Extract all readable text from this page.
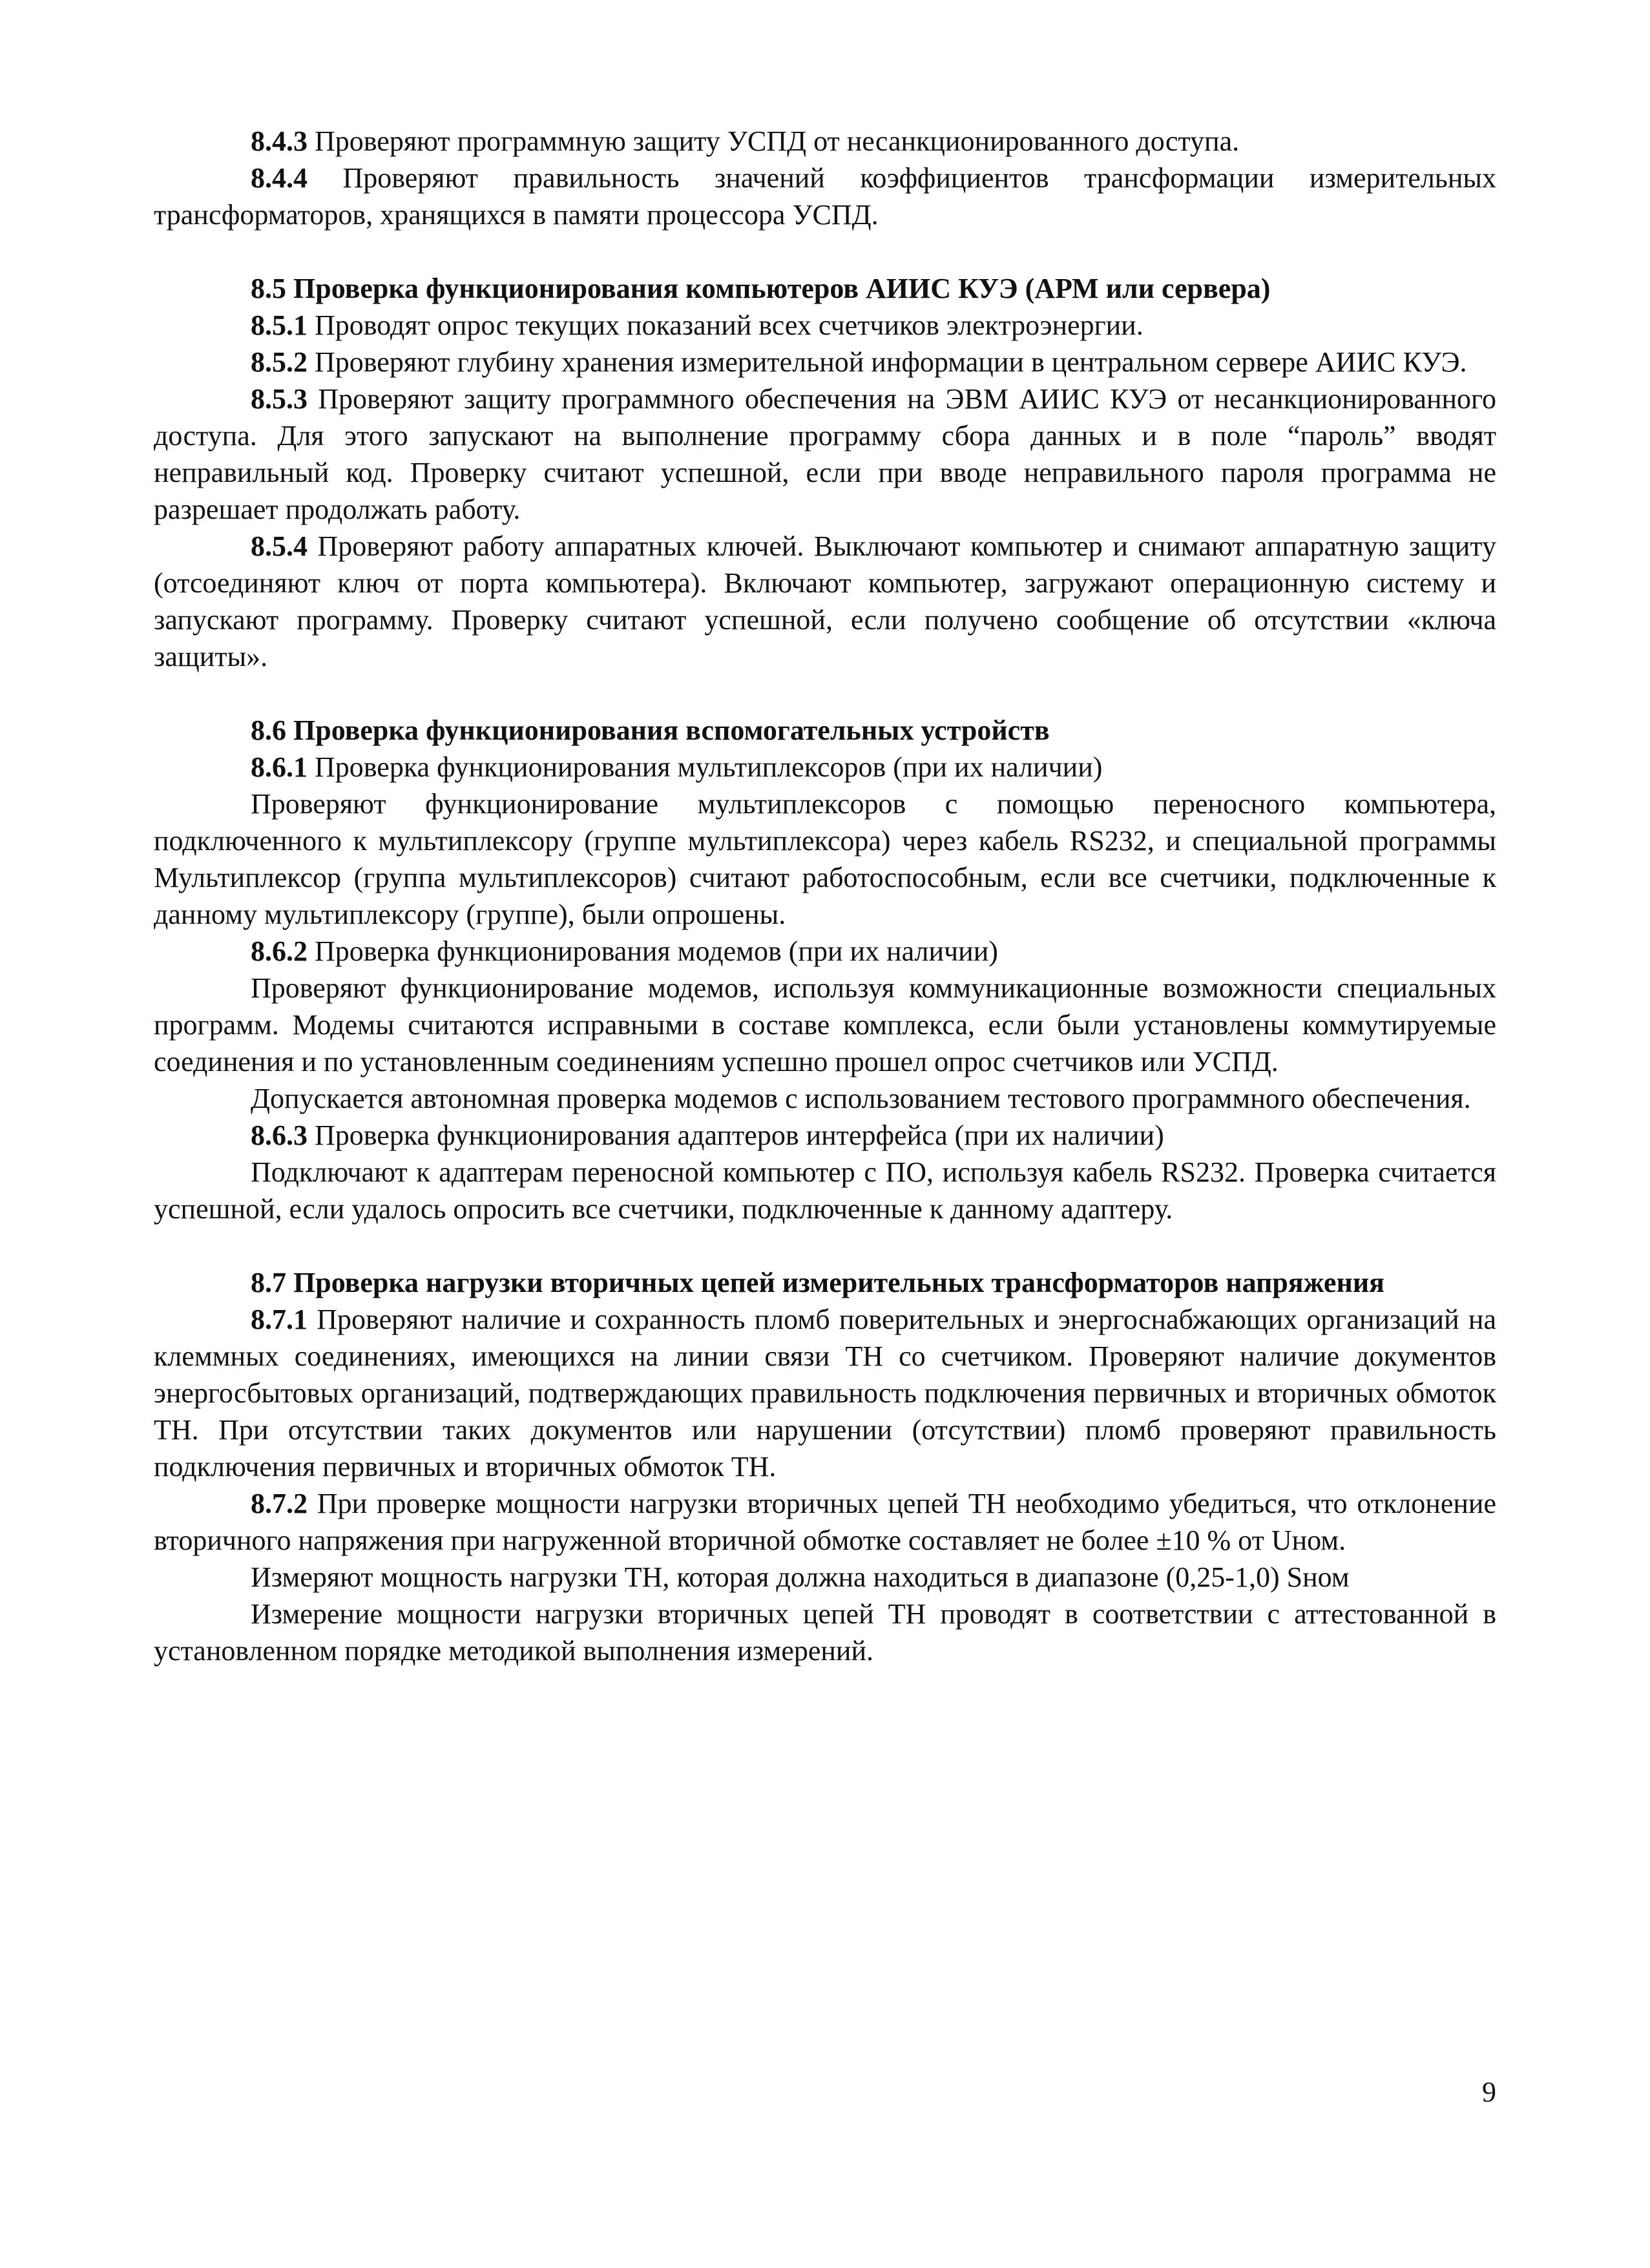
8.4.3 Проверяют программную защиту УСПД от несанкционированного доступа.

8.4.4 Проверяют правильность значений коэффициентов трансформации измерительных трансформаторов, хранящихся в памяти процессора УСПД.

8.5 Проверка функционирования компьютеров АИИС КУЭ (АРМ или сервера)

8.5.1 Проводят опрос текущих показаний всех счетчиков электроэнергии.

8.5.2 Проверяют глубину хранения измерительной информации в центральном сервере АИИС КУЭ.

8.5.3 Проверяют защиту программного обеспечения на ЭВМ АИИС КУЭ от несанкционированного доступа. Для этого запускают на выполнение программу сбора данных и в поле “пароль” вводят неправильный код. Проверку считают успешной, если при вводе неправильного пароля программа не разрешает продолжать работу.

8.5.4 Проверяют работу аппаратных ключей. Выключают компьютер и снимают аппаратную защиту (отсоединяют ключ от порта компьютера). Включают компьютер, загружают операционную систему и запускают программу. Проверку считают успешной, если получено сообщение об отсутствии «ключа защиты».

8.6 Проверка функционирования вспомогательных устройств

8.6.1 Проверка функционирования мультиплексоров (при их наличии)

Проверяют функционирование мультиплексоров с помощью переносного компьютера, подключенного к мультиплексору (группе мультиплексора) через кабель RS232, и специальной программы Мультиплексор (группа мультиплексоров) считают работоспособным, если все счетчики, подключенные к данному мультиплексору (группе), были опрошены.

8.6.2 Проверка функционирования модемов (при их наличии)

Проверяют функционирование модемов, используя коммуникационные возможности специальных программ. Модемы считаются исправными в составе комплекса, если были установлены коммутируемые соединения и по установленным соединениям успешно прошел опрос счетчиков или УСПД.

Допускается автономная проверка модемов с использованием тестового программного обеспечения.

8.6.3 Проверка функционирования адаптеров интерфейса (при их наличии)

Подключают к адаптерам переносной компьютер с ПО, используя кабель RS232. Проверка считается успешной, если удалось опросить все счетчики, подключенные к данному адаптеру.

8.7 Проверка нагрузки вторичных цепей измерительных трансформаторов напряжения

8.7.1 Проверяют наличие и сохранность пломб поверительных и энергоснабжающих организаций на клеммных соединениях, имеющихся на линии связи ТН со счетчиком. Проверяют наличие документов энергосбытовых организаций, подтверждающих правильность подключения первичных и вторичных обмоток ТН. При отсутствии таких документов или нарушении (отсутствии) пломб проверяют правильность подключения первичных и вторичных обмоток ТН.

8.7.2 При проверке мощности нагрузки вторичных цепей ТН необходимо убедиться, что отклонение вторичного напряжения при нагруженной вторичной обмотке составляет не более ±10 % от Uном.

Измеряют мощность нагрузки ТН, которая должна находиться в диапазоне (0,25-1,0) Sном

Измерение мощности нагрузки вторичных цепей ТН проводят в соответствии с аттестованной в установленном порядке методикой выполнения измерений.

9
